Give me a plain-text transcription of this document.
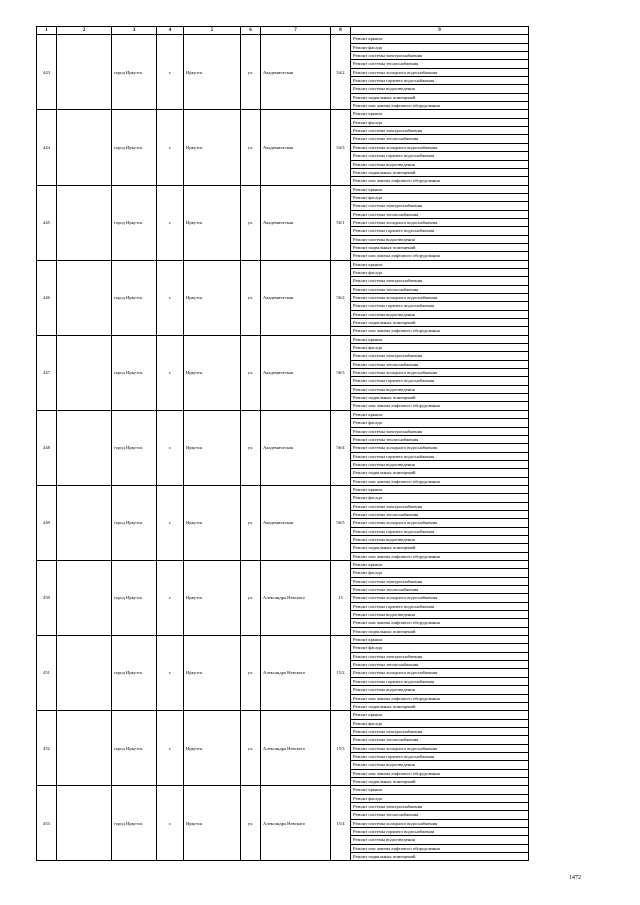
1	2	3	4	5	6	7	8	9
443		город Иркутск	г.	Иркутск	ул.	Академическая	54/2	Ремонт крыши
								Ремонт фасада
								Ремонт системы электроснабжения
								Ремонт системы теплоснабжения
								Ремонт системы холодного водоснабжения
								Ремонт системы горячего водоснабжения
								Ремонт системы водоотведения
								Ремонт подвальных помещений
								Ремонт или замена лифтового оборудования
444		город Иркутск	г.	Иркутск	ул.	Академическая	54/3	Ремонт крыши
								Ремонт фасада
								Ремонт системы электроснабжения
								Ремонт системы теплоснабжения
								Ремонт системы холодного водоснабжения
								Ремонт системы горячего водоснабжения
								Ремонт системы водоотведения
								Ремонт подвальных помещений
								Ремонт или замена лифтового оборудования
445		город Иркутск	г.	Иркутск	ул.	Академическая	56/1	Ремонт крыши
								Ремонт фасада
								Ремонт системы электроснабжения
								Ремонт системы теплоснабжения
								Ремонт системы холодного водоснабжения
								Ремонт системы горячего водоснабжения
								Ремонт системы водоотведения
								Ремонт подвальных помещений
								Ремонт или замена лифтового оборудования
446		город Иркутск	г.	Иркутск	ул.	Академическая	56/2	Ремонт крыши
								Ремонт фасада
								Ремонт системы электроснабжения
								Ремонт системы теплоснабжения
								Ремонт системы холодного водоснабжения
								Ремонт системы горячего водоснабжения
								Ремонт системы водоотведения
								Ремонт подвальных помещений
								Ремонт или замена лифтового оборудования
447		город Иркутск	г.	Иркутск	ул.	Академическая	56/3	Ремонт крыши
								Ремонт фасада
								Ремонт системы электроснабжения
								Ремонт системы теплоснабжения
								Ремонт системы холодного водоснабжения
								Ремонт системы горячего водоснабжения
								Ремонт системы водоотведения
								Ремонт подвальных помещений
								Ремонт или замена лифтового оборудования
448		город Иркутск	г.	Иркутск	ул.	Академическая	56/4	Ремонт крыши
								Ремонт фасада
								Ремонт системы электроснабжения
								Ремонт системы теплоснабжения
								Ремонт системы холодного водоснабжения
								Ремонт системы горячего водоснабжения
								Ремонт системы водоотведения
								Ремонт подвальных помещений
								Ремонт или замена лифтового оборудования
449		город Иркутск	г.	Иркутск	ул.	Академическая	56/5	Ремонт крыши
								Ремонт фасада
								Ремонт системы электроснабжения
								Ремонт системы теплоснабжения
								Ремонт системы холодного водоснабжения
								Ремонт системы горячего водоснабжения
								Ремонт системы водоотведения
								Ремонт подвальных помещений
								Ремонт или замена лифтового оборудования
450		город Иркутск	г.	Иркутск	ул.	Александра Невского	15	Ремонт крыши
								Ремонт фасада
								Ремонт системы электроснабжения
								Ремонт системы теплоснабжения
								Ремонт системы холодного водоснабжения
								Ремонт системы горячего водоснабжения
								Ремонт системы водоотведения
								Ремонт или замена лифтового оборудования
								Ремонт подвальных помещений
451		город Иркутск	г.	Иркутск	ул.	Александра Невского	15/2	Ремонт крыши
								Ремонт фасада
								Ремонт системы электроснабжения
								Ремонт системы теплоснабжения
								Ремонт системы холодного водоснабжения
								Ремонт системы горячего водоснабжения
								Ремонт системы водоотведения
								Ремонт или замена лифтового оборудования
								Ремонт подвальных помещений
452		город Иркутск	г.	Иркутск	ул.	Александра Невского	15/3	Ремонт крыши
								Ремонт фасада
								Ремонт системы электроснабжения
								Ремонт системы теплоснабжения
								Ремонт системы холодного водоснабжения
								Ремонт системы горячего водоснабжения
								Ремонт системы водоотведения
								Ремонт или замена лифтового оборудования
								Ремонт подвальных помещений
453		город Иркутск	г.	Иркутск	ул.	Александра Невского	15/4	Ремонт крыши
								Ремонт фасада
								Ремонт системы электроснабжения
								Ремонт системы теплоснабжения
								Ремонт системы холодного водоснабжения
								Ремонт системы горячего водоснабжения
								Ремонт системы водоотведения
								Ремонт или замена лифтового оборудования
								Ремонт подвальных помещений
1472
